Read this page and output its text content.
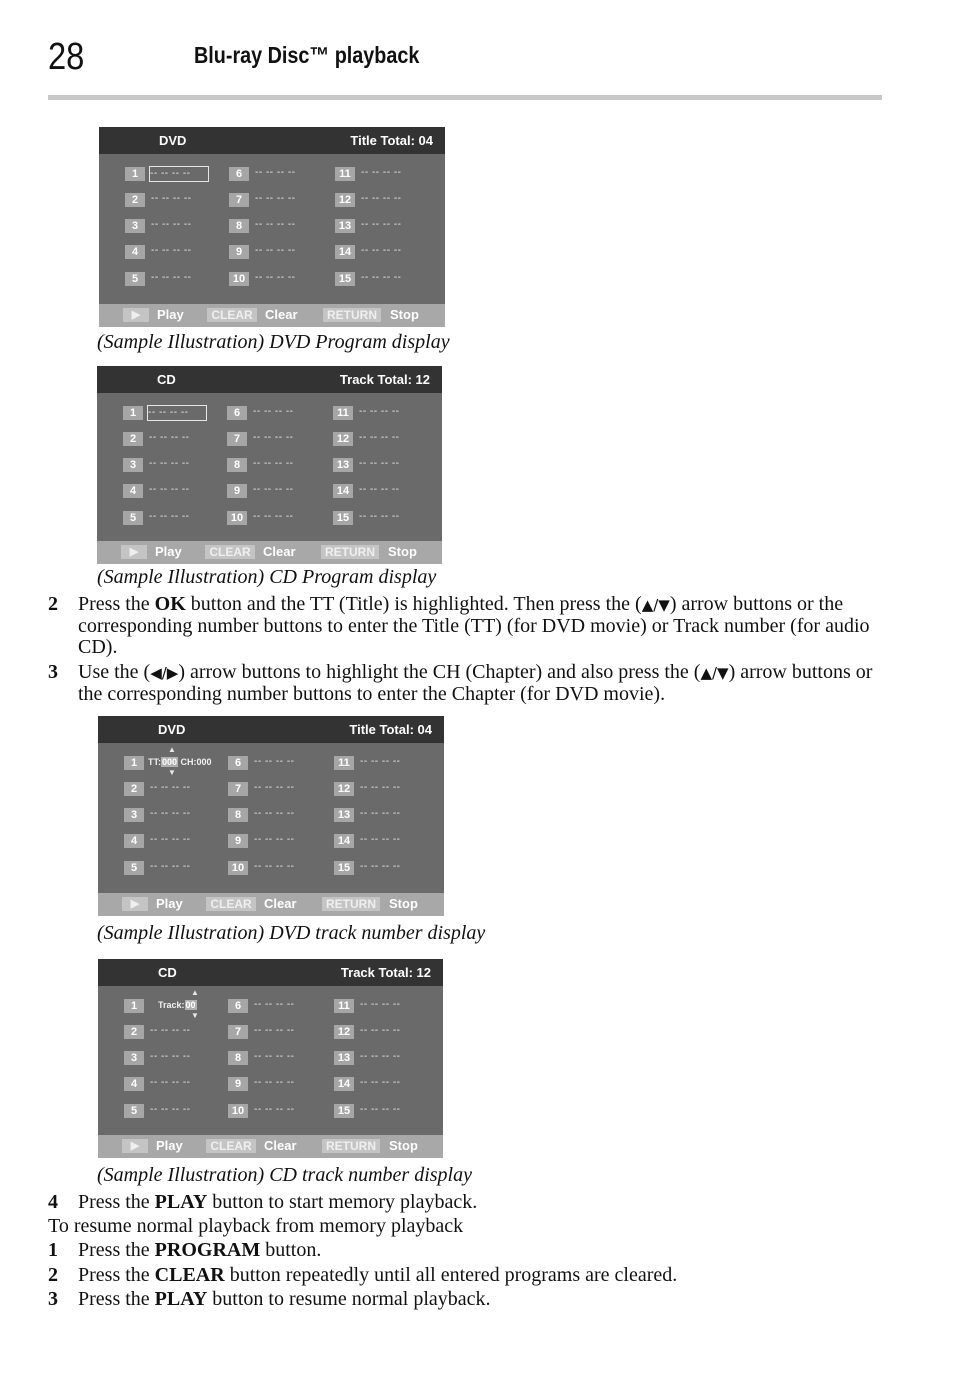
28	Blu-ray Disc™ playback
DVD	Title Total: 04
1	-- -- -- --
2	-- -- -- --
3	-- -- -- --
4	-- -- -- --
5	-- -- -- --
6	-- -- -- --
7	-- -- -- --
8	-- -- -- --
9	-- -- -- --
10 -- -- -- --
11	-- -- -- --
12 -- -- -- --
13 -- -- -- --
14 -- -- -- --
15 -- -- -- --
▶	Play	CLEAR Clear	RETURN	Stop
(Sample Illustration) DVD Program display
CD	Track Total: 12
1	-- -- -- --
2	-- -- -- --
3	-- -- -- --
4	-- -- -- --
5	-- -- -- --
6	-- -- -- --
7	-- -- -- --
8	-- -- -- --
9	-- -- -- --
10 -- -- -- --
11	-- -- -- --
12 -- -- -- --
13 -- -- -- --
14 -- -- -- --
15 -- -- -- --
▶	Play	CLEAR Clear	RETURN	Stop
(Sample Illustration) CD Program display
2 Press the OK button and the TT (Title) is highlighted. Then press the (▲/▼) arrow buttons or the corresponding number buttons to enter the Title (TT) (for DVD movie) or Track number (for audio CD).
3 Use the (◀/▶) arrow buttons to highlight the CH (Chapter) and also press the (▲/▼) arrow buttons or the corresponding number buttons to enter the Chapter (for DVD movie).
DVD	Title Total: 04
1	TT:000 CH:000
▲
▼
2	-- -- -- --
3	-- -- -- --
4	-- -- -- --
5	-- -- -- --
6	-- -- -- --
7	-- -- -- --
8	-- -- -- --
9	-- -- -- --
10 -- -- -- --
11	-- -- -- --
12 -- -- -- --
13 -- -- -- --
14 -- -- -- --
15 -- -- -- --
▶	Play	CLEAR Clear	RETURN	Stop
(Sample Illustration) DVD track number display
CD	Track Total: 12
1	Track:00
▲
▼
2	-- -- -- --
3	-- -- -- --
4	-- -- -- --
5	-- -- -- --
6	-- -- -- --
7	-- -- -- --
8	-- -- -- --
9	-- -- -- --
10 -- -- -- --
11	-- -- -- --
12 -- -- -- --
13 -- -- -- --
14 -- -- -- --
15 -- -- -- --
▶	Play	CLEAR Clear	RETURN	Stop
(Sample Illustration) CD track number display
4 Press the PLAY button to start memory playback.
To resume normal playback from memory playback
1 Press the PROGRAM button.
2 Press the CLEAR button repeatedly until all entered programs are cleared.
3 Press the PLAY button to resume normal playback.
